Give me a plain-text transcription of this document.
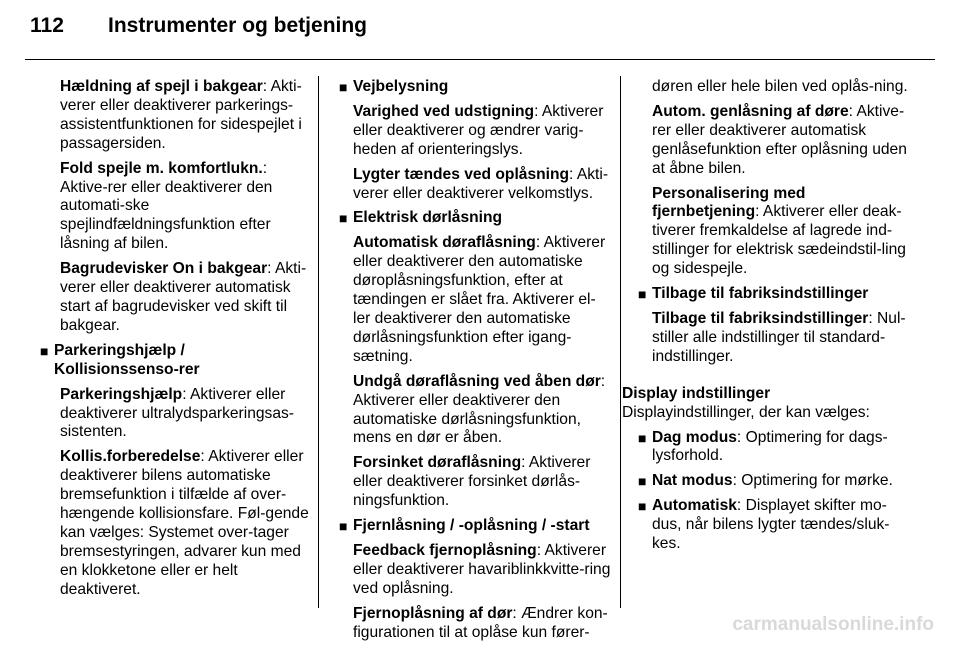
112 Instrumenter og betjening
Hældning af spejl i bakgear: Akti-verer eller deaktiverer parkerings-assistentfunktionen for sidespejlet i passagersiden.
Fold spejle m. komfortlukn.: Aktive-rer eller deaktiverer den automati-ske spejlindfældningsfunktion efter låsning af bilen.
Bagrudevisker On i bakgear: Akti-verer eller deaktiverer automatisk start af bagrudevisker ved skift til bakgear.
■ Parkeringshjælp / Kollisionssenso-rer
Parkeringshjælp: Aktiverer eller deaktiverer ultralydsparkeringsas-sistenten.
Kollis.forberedelse: Aktiverer eller deaktiverer bilens automatiske bremsefunktion i tilfælde af over-hængende kollisionsfare. Føl-gende kan vælges: Systemet over-tager bremsestyringen, advarer kun med en klokketone eller er helt deaktiveret.
■ Vejbelysning
Varighed ved udstigning: Aktiverer eller deaktiverer og ændrer varig-heden af orienteringslys.
Lygter tændes ved oplåsning: Akti-verer eller deaktiverer velkomstlys.
■ Elektrisk dørlåsning
Automatisk døraflåsning: Aktiverer eller deaktiverer den automatiske døroplåsningsfunktion, efter at tændingen er slået fra. Aktiverer el-ler deaktiverer den automatiske dørlåsningsfunktion efter igang-sætning.
Undgå døraflåsning ved åben dør: Aktiverer eller deaktiverer den automatiske dørlåsningsfunktion, mens en dør er åben.
Forsinket døraflåsning: Aktiverer eller deaktiverer forsinket dørlås-ningsfunktion.
■ Fjernlåsning / -oplåsning / -start
Feedback fjernoplåsning: Aktiverer eller deaktiverer havariblinkkvitte-ring ved oplåsning.
Fjernoplåsning af dør: Ændrer kon-figurationen til at oplåse kun fører-
døren eller hele bilen ved oplås-ning.
Autom. genlåsning af døre: Aktive-rer eller deaktiverer automatisk genlåsefunktion efter oplåsning uden at åbne bilen.
Personalisering med fjernbetjening: Aktiverer eller deak-tiverer fremkaldelse af lagrede ind-stillinger for elektrisk sædeindstil-ling og sidespejle.
■ Tilbage til fabriksindstillinger
Tilbage til fabriksindstillinger: Nul-stiller alle indstillinger til standard-indstillinger.
Display indstillinger
Displayindstillinger, der kan vælges:
■ Dag modus: Optimering for dags-lysforhold.
■ Nat modus: Optimering for mørke.
■ Automatisk: Displayet skifter mo-dus, når bilens lygter tændes/sluk-kes.
carmanualsonline.info
